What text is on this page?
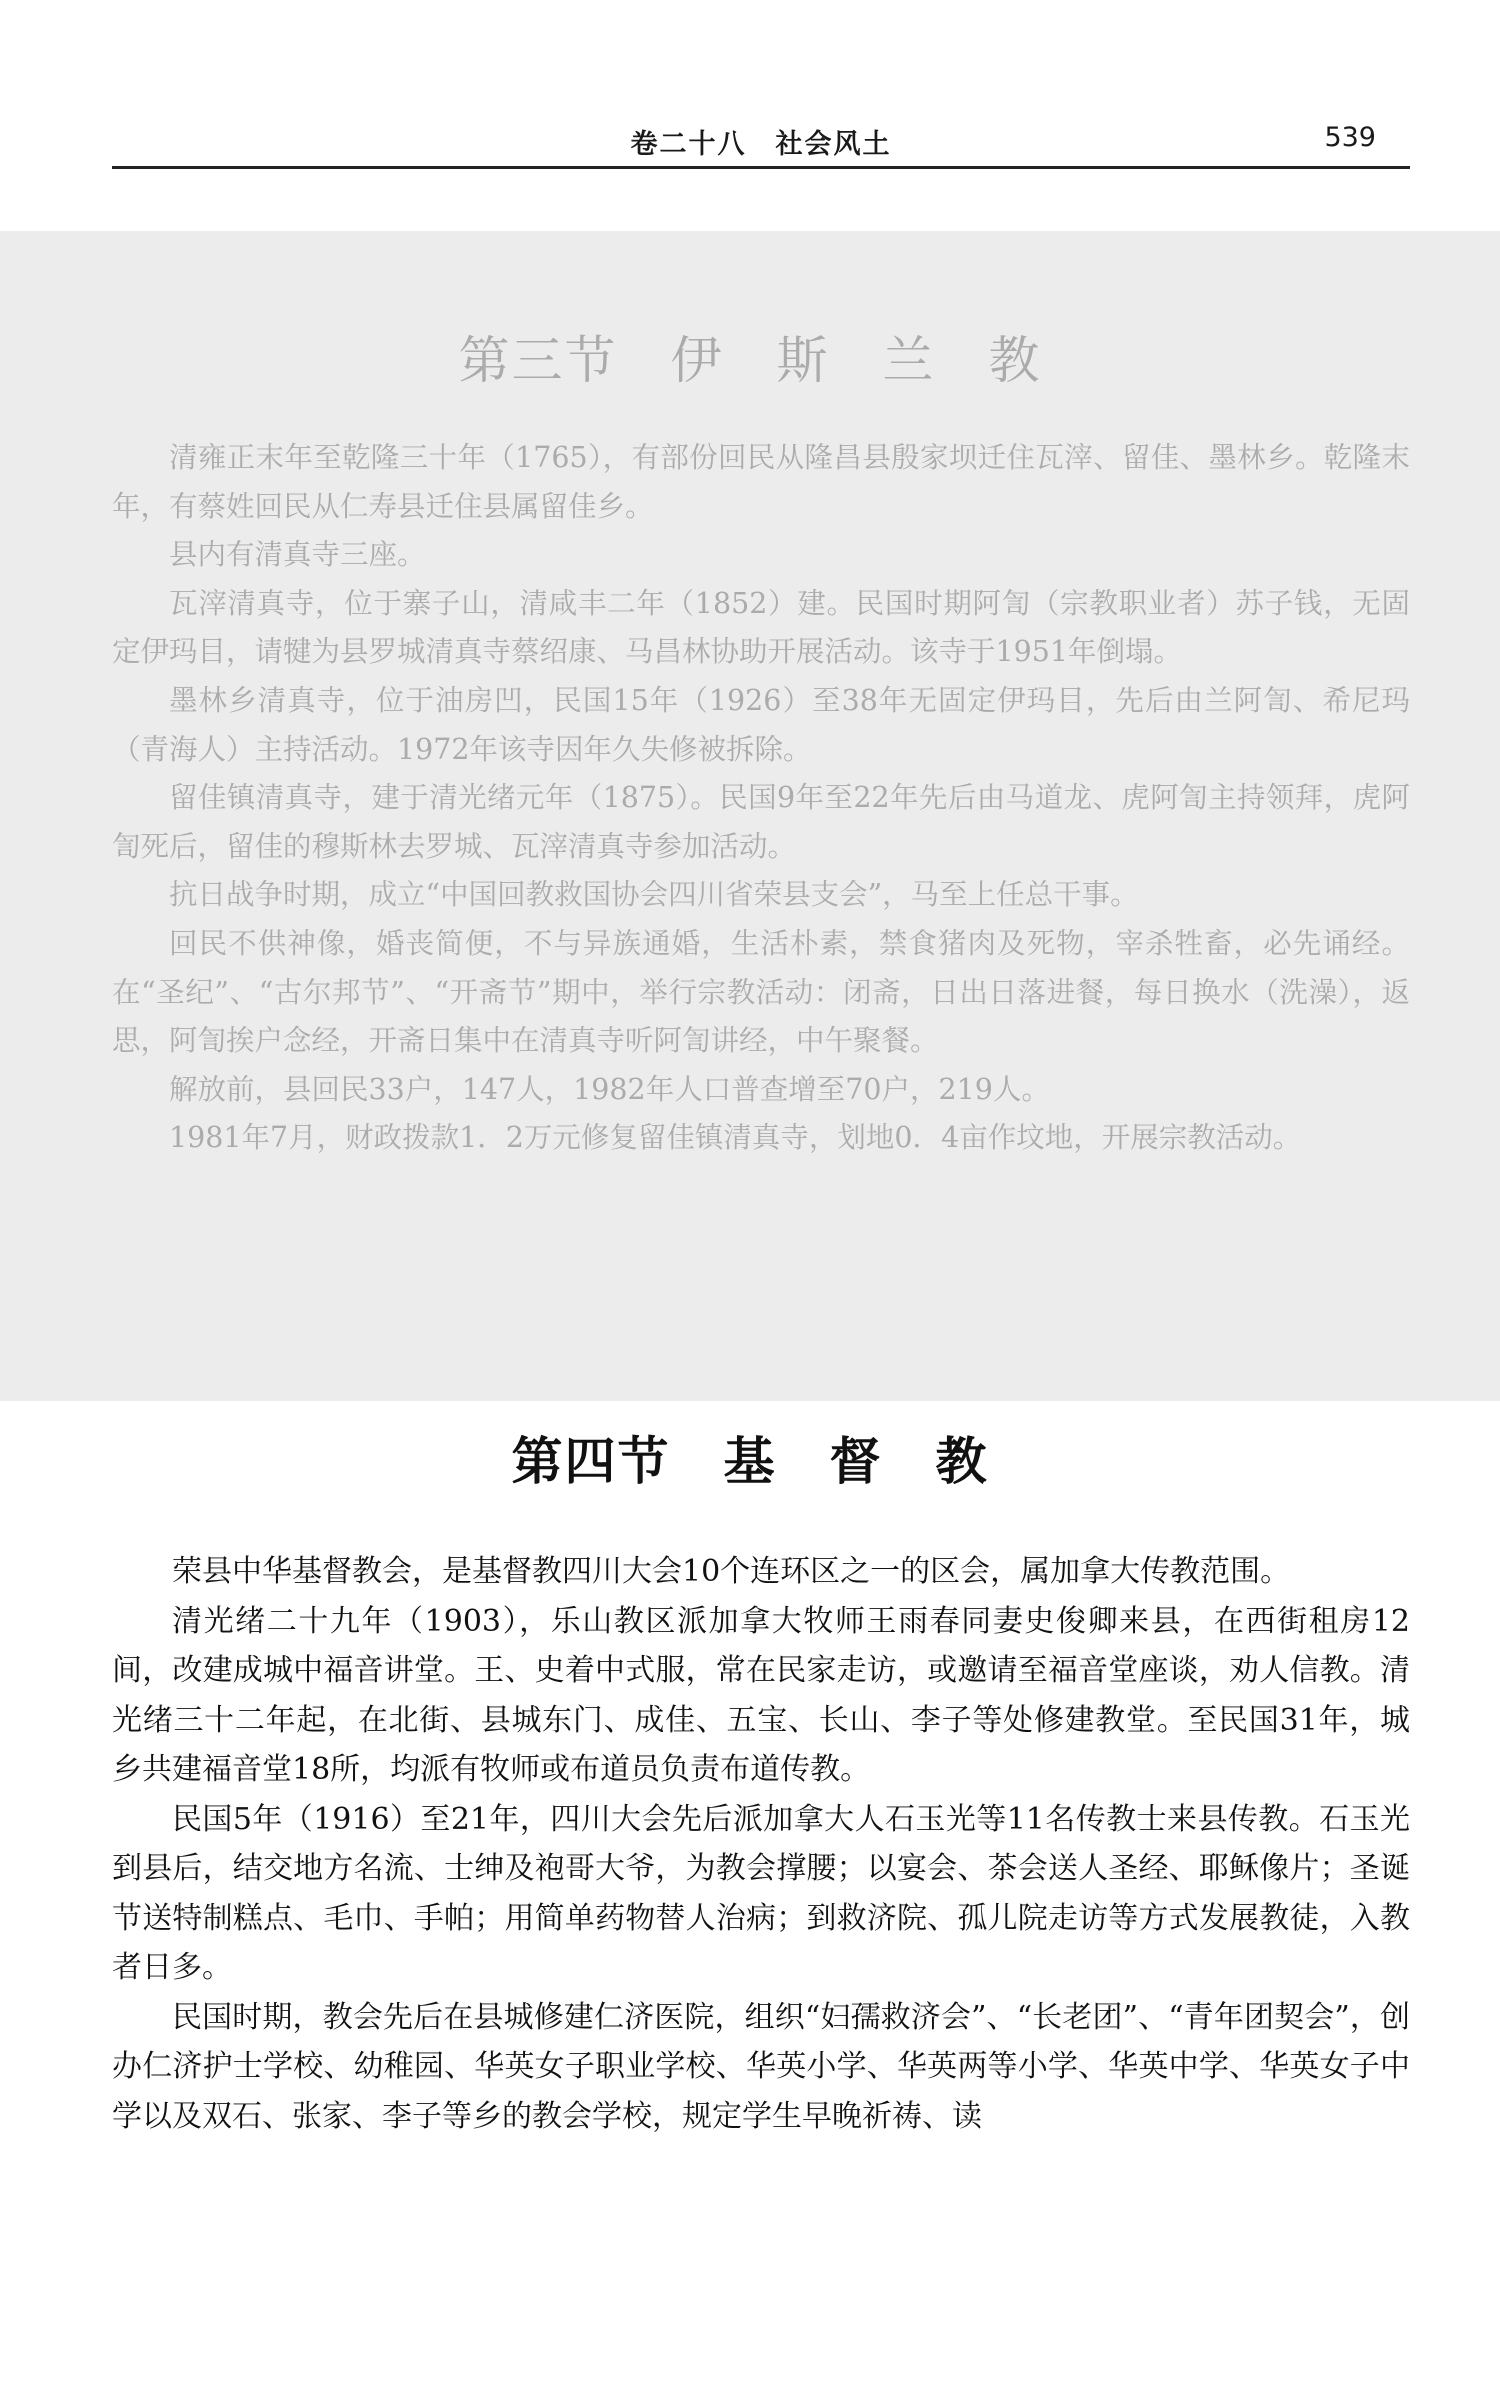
卷二十八　社会风土	539
第三节　伊　斯　兰　教

清雍正末年至乾隆三十年（1765），有部份回民从隆昌县殷家坝迁住瓦滓、留佳、墨林乡。乾隆末年，有蔡姓回民从仁寿县迁住县属留佳乡。

县内有清真寺三座。

瓦滓清真寺，位于寨子山，清咸丰二年（1852）建。民国时期阿訇（宗教职业者）苏子钱，无固定伊玛目，请犍为县罗城清真寺蔡绍康、马昌林协助开展活动。该寺于1951年倒塌。

墨林乡清真寺，位于油房凹，民国15年（1926）至38年无固定伊玛目，先后由兰阿訇、希尼玛（青海人）主持活动。1972年该寺因年久失修被拆除。

留佳镇清真寺，建于清光绪元年（1875）。民国9年至22年先后由马道龙、虎阿訇主持领拜，虎阿訇死后，留佳的穆斯林去罗城、瓦滓清真寺参加活动。

抗日战争时期，成立“中国回教救国协会四川省荣县支会”，马至上任总干事。

回民不供神像，婚丧简便，不与异族通婚，生活朴素，禁食猪肉及死物，宰杀牲畜，必先诵经。在“圣纪”、“古尔邦节”、“开斋节”期中，举行宗教活动：闭斋，日出日落进餐，每日换水（洗澡），返思，阿訇挨户念经，开斋日集中在清真寺听阿訇讲经，中午聚餐。

解放前，县回民33户，147人，1982年人口普查增至70户，219人。

1981年7月，财政拨款1．2万元修复留佳镇清真寺，划地0．4亩作坟地，开展宗教活动。

第四节　基　督　教

荣县中华基督教会，是基督教四川大会10个连环区之一的区会，属加拿大传教范围。

清光绪二十九年（1903），乐山教区派加拿大牧师王雨春同妻史俊卿来县，在西街租房12间，改建成城中福音讲堂。王、史着中式服，常在民家走访，或邀请至福音堂座谈，劝人信教。清光绪三十二年起，在北街、县城东门、成佳、五宝、长山、李子等处修建教堂。至民国31年，城乡共建福音堂18所，均派有牧师或布道员负责布道传教。

民国5年（1916）至21年，四川大会先后派加拿大人石玉光等11名传教士来县传教。石玉光到县后，结交地方名流、士绅及袍哥大爷，为教会撑腰；以宴会、茶会送人圣经、耶稣像片；圣诞节送特制糕点、毛巾、手帕；用简单药物替人治病；到救济院、孤儿院走访等方式发展教徒，入教者日多。

民国时期，教会先后在县城修建仁济医院，组织“妇孺救济会”、“长老团”、“青年团契会”，创办仁济护士学校、幼稚园、华英女子职业学校、华英小学、华英两等小学、华英中学、华英女子中学以及双石、张家、李子等乡的教会学校，规定学生早晚祈祷、读
